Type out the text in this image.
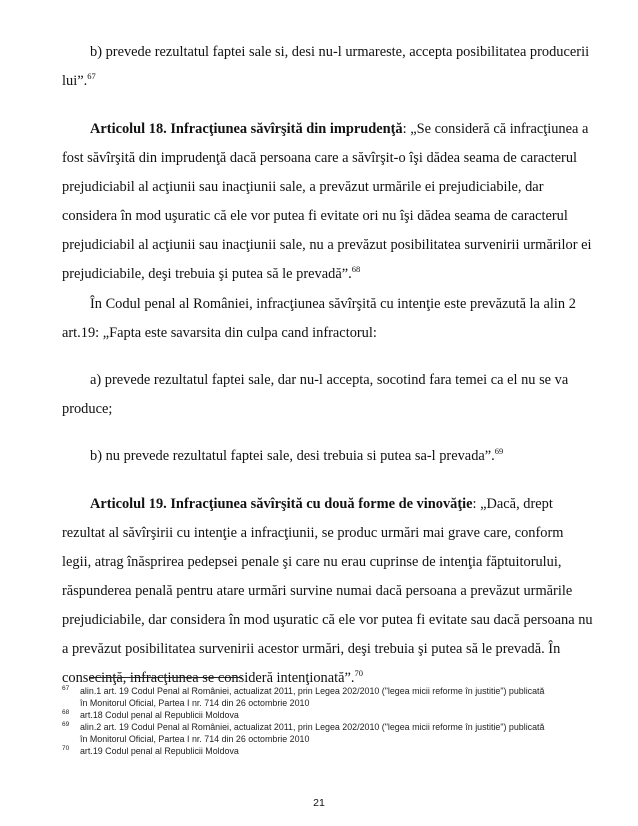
b) prevede rezultatul faptei sale si, desi nu-l urmareste, accepta posibilitatea producerii lui”.$^{67}$

Articolul 18. Infracţiunea săvîrşită din imprudenţă: „Se consideră că infracţiunea a fost săvîrşită din imprudenţă dacă persoana care a săvîrşit-o îşi dădea seama de caracterul prejudiciabil al acţiunii sau inacţiunii sale, a prevăzut urmările ei prejudiciabile, dar considera în mod uşuratic că ele vor putea fi evitate ori nu îşi dădea seama de caracterul prejudiciabil al acţiunii sau inacţiunii sale, nu a prevăzut posibilitatea survenirii urmărilor ei prejudiciabile, deşi trebuia şi putea să le prevadă”.$^{68}$

În Codul penal al României, infracţiunea săvîrşită cu intenţie este prevăzută la alin 2 art.19: „Fapta este savarsita din culpa cand infractorul:

a) prevede rezultatul faptei sale, dar nu-l accepta, socotind fara temei ca el nu se va produce;

b) nu prevede rezultatul faptei sale, desi trebuia si putea sa-l prevada”.$^{69}$

Articolul 19. Infracţiunea săvîrşită cu două forme de vinovăţie: „Dacă, drept rezultat al săvîrşirii cu intenţie a infracţiunii, se produc urmări mai grave care, conform legii, atrag înăsprirea pedepsei penale şi care nu erau cuprinse de intenţia făptuitorului, răspunderea penală pentru atare urmări survine numai dacă persoana a prevăzut urmările prejudiciabile, dar considera în mod uşuratic că ele vor putea fi evitate sau dacă persoana nu a prevăzut posibilitatea survenirii acestor urmări, deşi trebuia şi putea să le prevadă. În consecinţă, infracţiunea se consideră intenţionată”.$^{70}$

$^{67}$ alin.1 art. 19 Codul Penal al României, actualizat 2011, prin Legea 202/2010 ("legea micii reforme în justitie") publicată
în Monitorul Oficial, Partea I nr. 714 din 26 octombrie 2010
$^{68}$ art.18 Codul penal al Republicii Moldova
$^{69}$ alin.2 art. 19 Codul Penal al României, actualizat 2011, prin Legea 202/2010 ("legea micii reforme în justitie") publicată
în Monitorul Oficial, Partea I nr. 714 din 26 octombrie 2010
$^{70}$ art.19 Codul penal al Republicii Moldova
21
